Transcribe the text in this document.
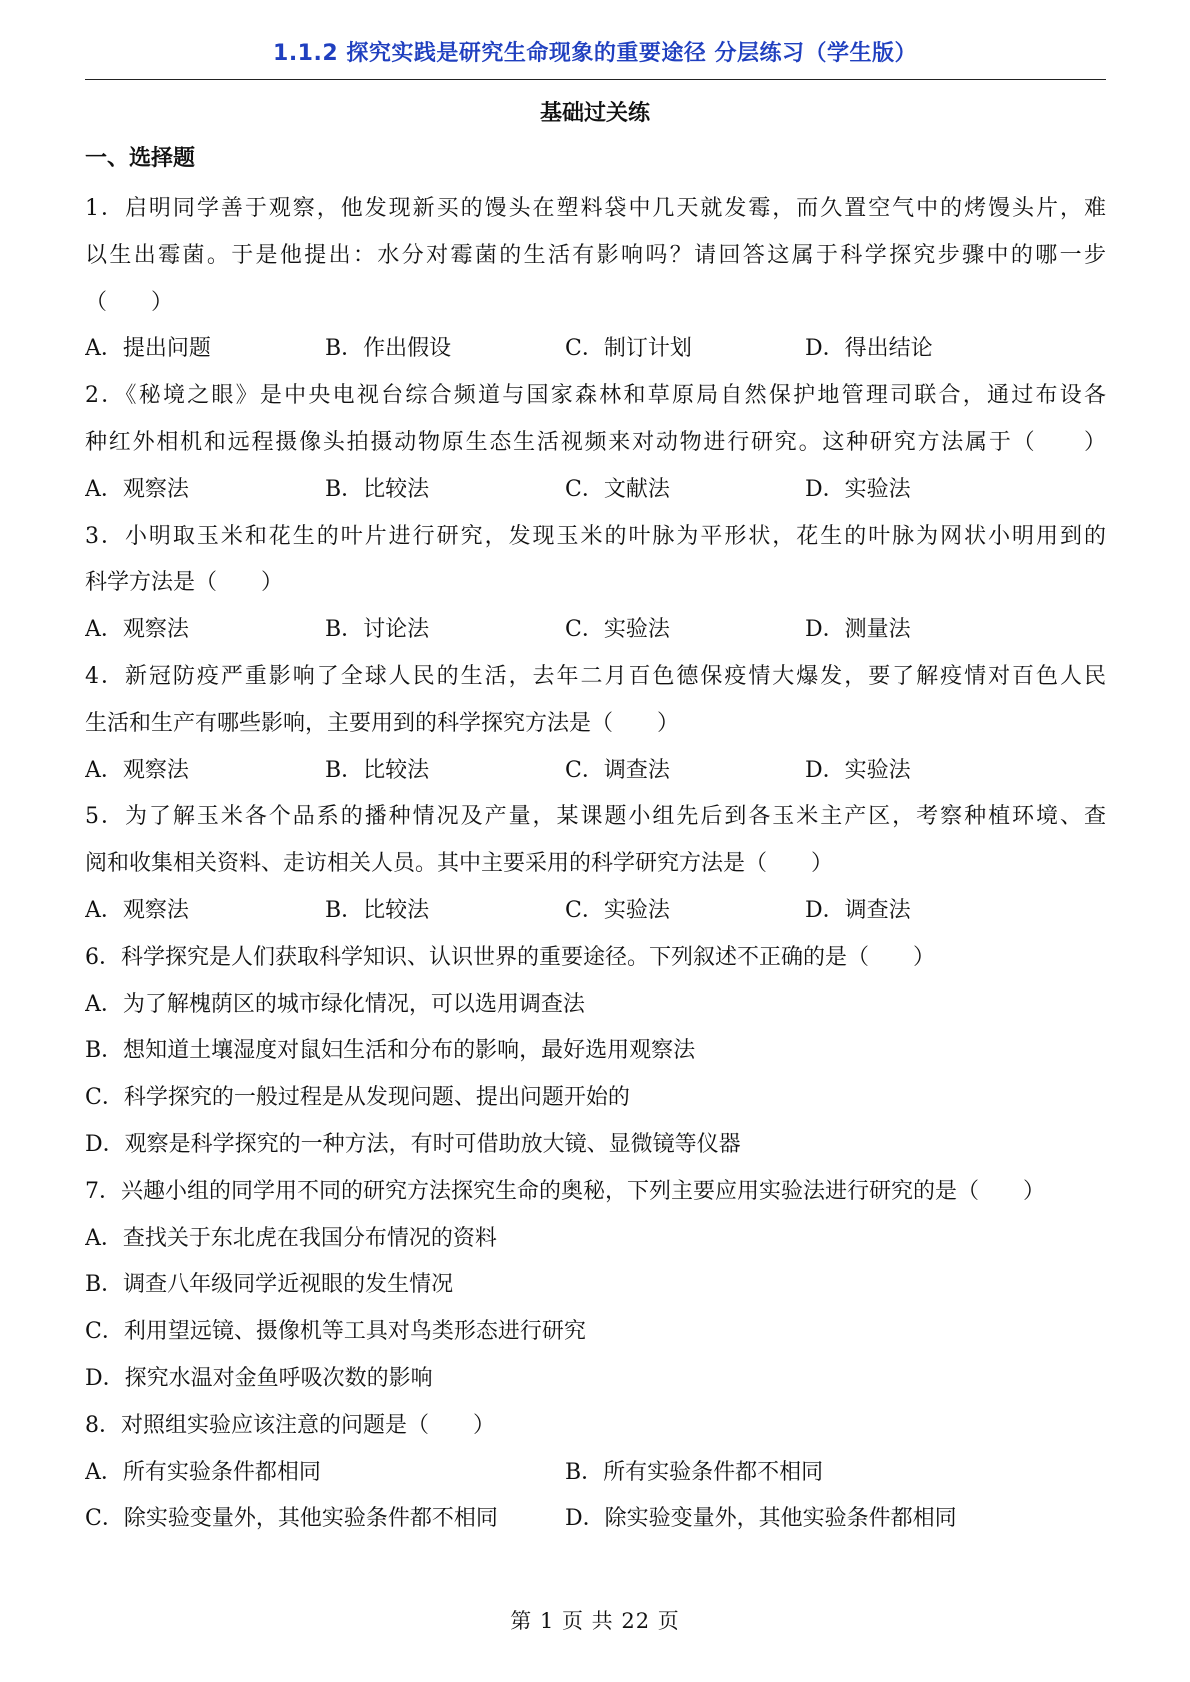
1.1.2 探究实践是研究生命现象的重要途径 分层练习（学生版）
基础过关练
一、选择题
1．启明同学善于观察，他发现新买的馒头在塑料袋中几天就发霉，而久置空气中的烤馒头片，难
以生出霉菌。于是他提出：水分对霉菌的生活有影响吗？请回答这属于科学探究步骤中的哪一步
（　　）
A．提出问题	B．作出假设	C．制订计划	D．得出结论
2．《秘境之眼》是中央电视台综合频道与国家森林和草原局自然保护地管理司联合，通过布设各
种红外相机和远程摄像头拍摄动物原生态生活视频来对动物进行研究。这种研究方法属于（　　）
A．观察法	B．比较法	C．文献法	D．实验法
3．小明取玉米和花生的叶片进行研究，发现玉米的叶脉为平形状，花生的叶脉为网状小明用到的
科学方法是（　　）
A．观察法	B．讨论法	C．实验法	D．测量法
4．新冠防疫严重影响了全球人民的生活，去年二月百色德保疫情大爆发，要了解疫情对百色人民
生活和生产有哪些影响，主要用到的科学探究方法是（　　）
A．观察法	B．比较法	C．调查法	D．实验法
5．为了解玉米各个品系的播种情况及产量，某课题小组先后到各玉米主产区，考察种植环境、查
阅和收集相关资料、走访相关人员。其中主要采用的科学研究方法是（　　）
A．观察法	B．比较法	C．实验法	D．调查法
6．科学探究是人们获取科学知识、认识世界的重要途径。下列叙述不正确的是（　　）
A．为了解槐荫区的城市绿化情况，可以选用调查法
B．想知道土壤湿度对鼠妇生活和分布的影响，最好选用观察法
C．科学探究的一般过程是从发现问题、提出问题开始的
D．观察是科学探究的一种方法，有时可借助放大镜、显微镜等仪器
7．兴趣小组的同学用不同的研究方法探究生命的奥秘，下列主要应用实验法进行研究的是（　　）
A．查找关于东北虎在我国分布情况的资料
B．调查八年级同学近视眼的发生情况
C．利用望远镜、摄像机等工具对鸟类形态进行研究
D．探究水温对金鱼呼吸次数的影响
8．对照组实验应该注意的问题是（　　）
A．所有实验条件都相同	B．所有实验条件都不相同
C．除实验变量外，其他实验条件都不相同	D．除实验变量外，其他实验条件都相同
第 1 页 共 22 页
